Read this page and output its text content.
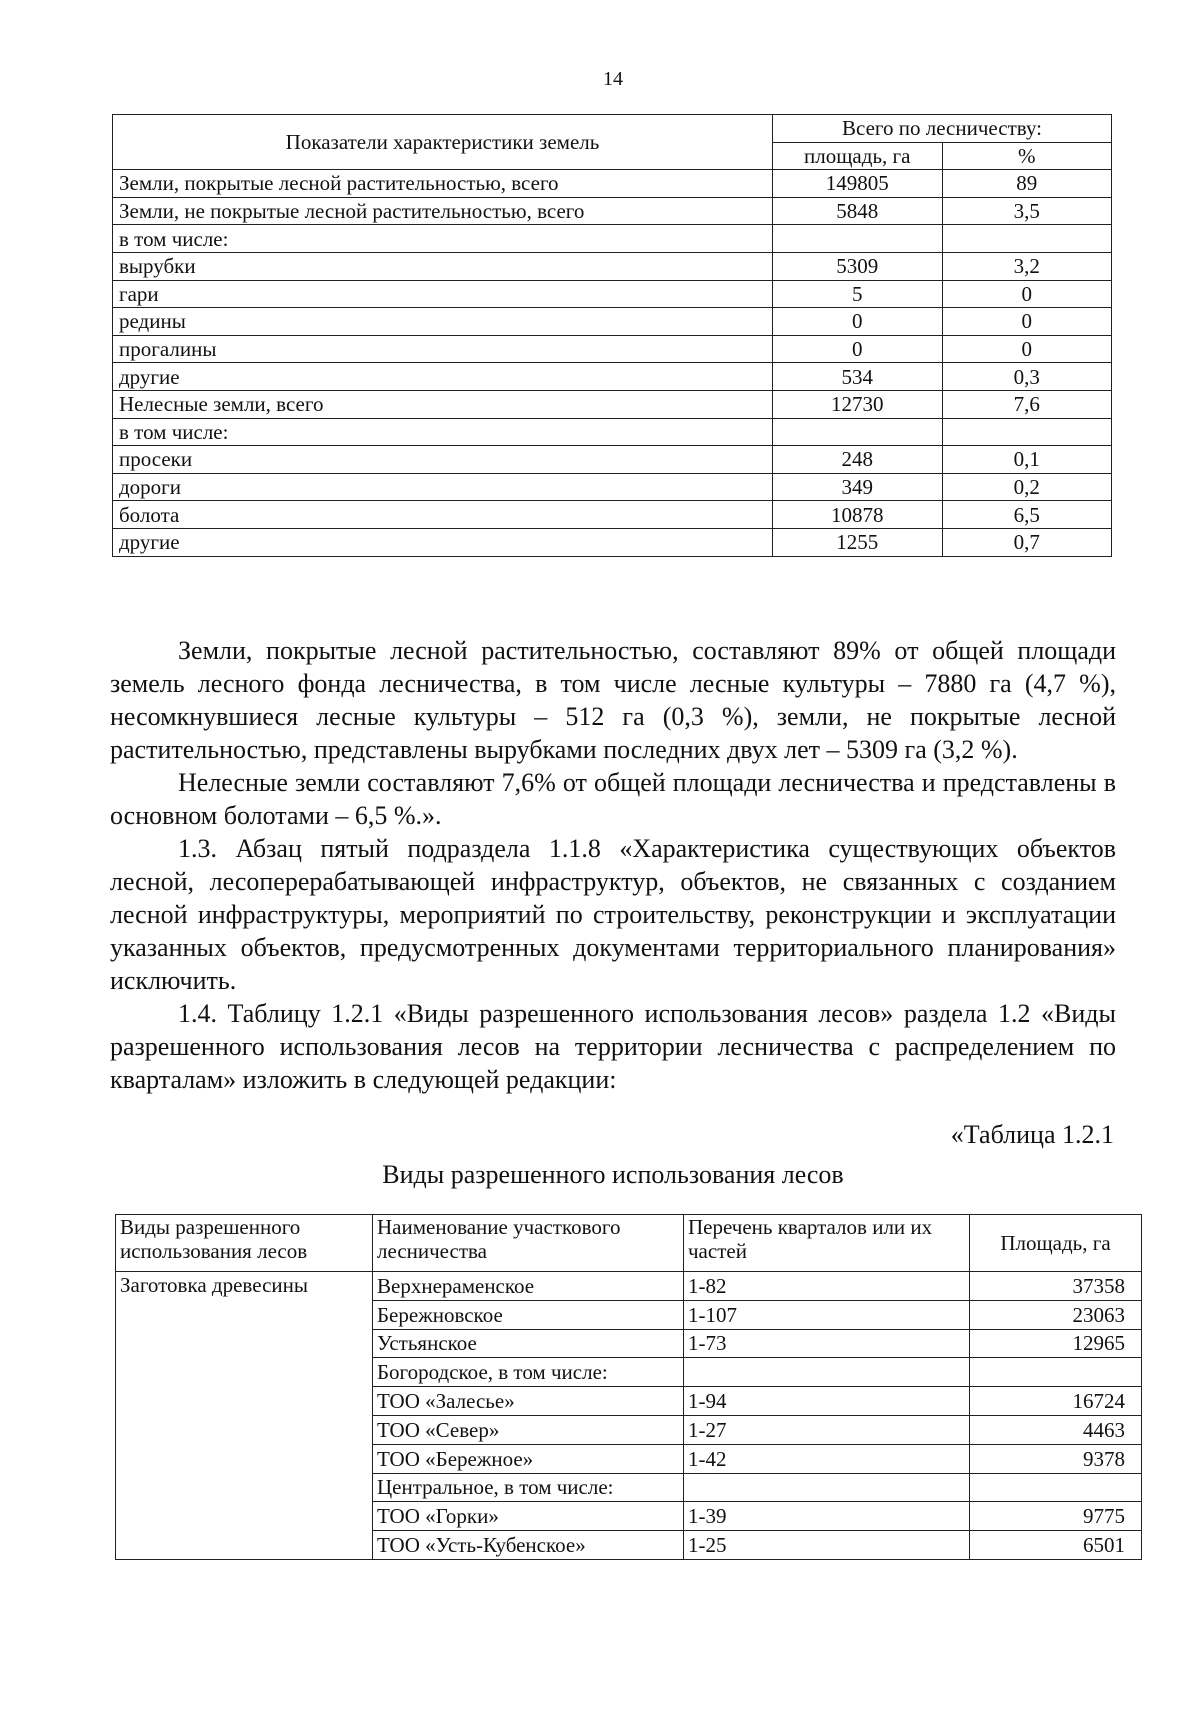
14
Показатели характеристики земель	Всего по лесничеству:	
	площадь, га	%
Земли, покрытые лесной растительностью, всего	149805	89
Земли, не покрытые лесной растительностью, всего	5848	3,5
в том числе:		
вырубки	5309	3,2
гари	5	0
редины	0	0
прогалины	0	0
другие	534	0,3
Нелесные земли, всего	12730	7,6
в том числе:		
просеки	248	0,1
дороги	349	0,2
болота	10878	6,5
другие	1255	0,7

Земли, покрытые лесной растительностью, составляют 89% от общей площади земель лесного фонда лесничества, в том числе лесные культуры – 7880 га (4,7 %), несомкнувшиеся лесные культуры – 512 га (0,3 %), земли, не покрытые лесной растительностью, представлены вырубками последних двух лет – 5309 га (3,2 %).

Нелесные земли составляют 7,6% от общей площади лесничества и представлены в основном болотами – 6,5 %.».

1.3. Абзац пятый подраздела 1.1.8 «Характеристика существующих объектов лесной, лесоперерабатывающей инфраструктур, объектов, не связанных с созданием лесной инфраструктуры, мероприятий по строительству, реконструкции и эксплуатации указанных объектов, предусмотренных документами территориального планирования» исключить.

1.4. Таблицу 1.2.1 «Виды разрешенного использования лесов» раздела 1.2 «Виды разрешенного использования лесов на территории лесничества с распределением по кварталам» изложить в следующей редакции:

«Таблица 1.2.1
Виды разрешенного использования лесов
Виды разрешенного использования лесов	Наименование участкового лесничества	Перечень кварталов или их частей	Площадь, га
Заготовка древесины	Верхнераменское	1-82	37358
	Бережновское	1-107	23063
	Устьянское	1-73	12965
	Богородское, в том числе:		
	ТОО «Залесье»	1-94	16724
	ТОО «Север»	1-27	4463
	ТОО «Бережное»	1-42	9378
	Центральное, в том числе:		
	ТОО «Горки»	1-39	9775
	ТОО «Усть-Кубенское»	1-25	6501
